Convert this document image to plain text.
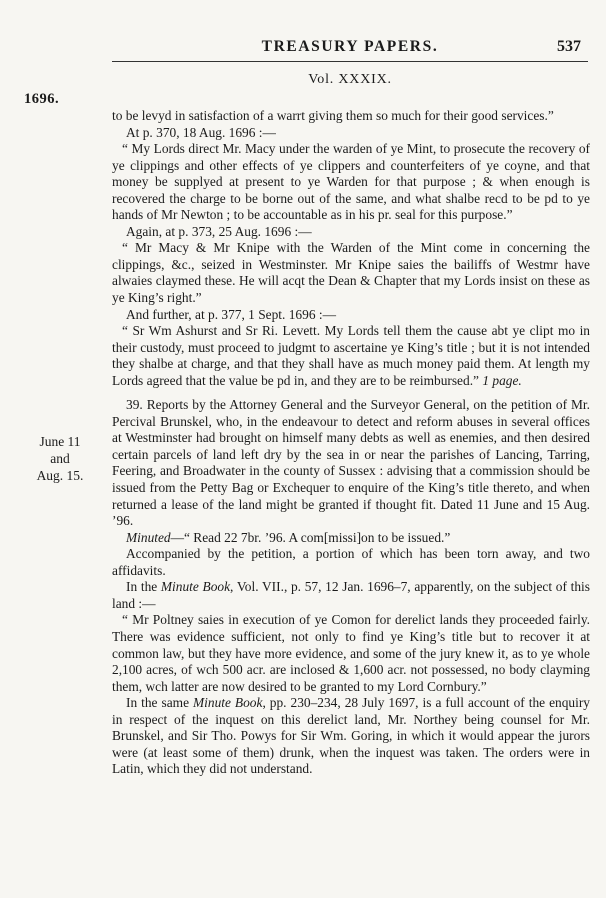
TREASURY PAPERS.	537
Vol. XXXIX.
1696.
June 11
and
Aug. 15.

to be levyd in satisfaction of a warrt giving them so much for their good services.”

At p. 370, 18 Aug. 1696 :—

“ My Lords direct Mr. Macy under the warden of ye Mint, to prosecute the recovery of ye clippings and other effects of ye clippers and counterfeiters of ye coyne, and that money be supplyed at present to ye Warden for that purpose ; & when enough is recovered the charge to be borne out of the same, and what shalbe recd to be pd to ye hands of Mr Newton ; to be accountable as in his pr. seal for this purpose.”

Again, at p. 373, 25 Aug. 1696 :—

“ Mr Macy & Mr Knipe with the Warden of the Mint come in concerning the clippings, &c., seized in Westminster. Mr Knipe saies the bailiffs of Westmr have alwaies claymed these. He will acqt the Dean & Chapter that my Lords insist on these as ye King’s right.”

And further, at p. 377, 1 Sept. 1696 :—

“ Sr Wm Ashurst and Sr Ri. Levett. My Lords tell them the cause abt ye clipt mo in their custody, must proceed to judgmt to ascertaine ye King’s title ; but it is not intended they shalbe at charge, and that they shall have as much money paid them. At length my Lords agreed that the value be pd in, and they are to be reimbursed.” 1 page.

39. Reports by the Attorney General and the Surveyor General, on the petition of Mr. Percival Brunskel, who, in the endeavour to detect and reform abuses in several offices at Westminster had brought on himself many debts as well as enemies, and then desired certain parcels of land left dry by the sea in or near the parishes of Lancing, Tarring, Feering, and Broadwater in the county of Sussex : advising that a commission should be issued from the Petty Bag or Exchequer to enquire of the King’s title thereto, and when returned a lease of the land might be granted if thought fit. Dated 11 June and 15 Aug. ’96.

Minuted—“ Read 22 7br. ’96. A com[missi]on to be issued.”

Accompanied by the petition, a portion of which has been torn away, and two affidavits.

In the Minute Book, Vol. VII., p. 57, 12 Jan. 1696–7, apparently, on the subject of this land :—

“ Mr Poltney saies in execution of ye Comon for derelict lands they proceeded fairly. There was evidence sufficient, not only to find ye King’s title but to recover it at common law, but they have more evidence, and some of the jury knew it, as to ye whole 2,100 acres, of wch 500 acr. are inclosed & 1,600 acr. not possessed, no body clayming them, wch latter are now desired to be granted to my Lord Cornbury.”

In the same Minute Book, pp. 230–234, 28 July 1697, is a full account of the enquiry in respect of the inquest on this derelict land, Mr. Northey being counsel for Mr. Brunskel, and Sir Tho. Powys for Sir Wm. Goring, in which it would appear the jurors were (at least some of them) drunk, when the inquest was taken. The orders were in Latin, which they did not understand.
